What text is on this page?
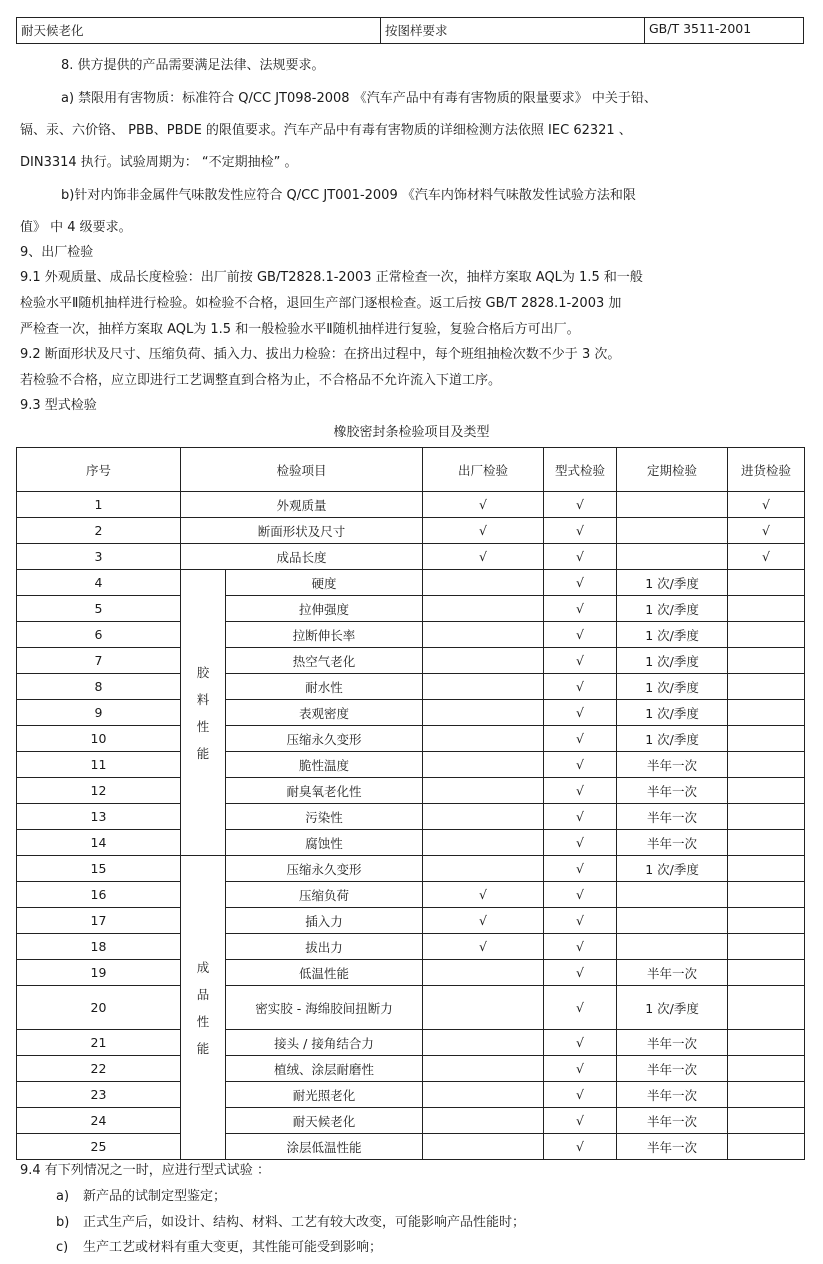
耐天候老化	按图样要求	GB/T 3511-2001
8. 供方提供的产品需要满足法律、法规要求。
a) 禁限用有害物质：标准符合 Q/CC JT098-2008 《汽车产品中有毒有害物质的限量要求》 中关于铅、
镉、汞、六价铬、 PBB、PBDE 的限值要求。汽车产品中有毒有害物质的详细检测方法依照 IEC 62321 、
DIN3314 执行。试验周期为： “不定期抽检” 。
b)针对内饰非金属件气味散发性应符合 Q/CC JT001-2009 《汽车内饰材料气味散发性试验方法和限
值》 中 4 级要求。
9、出厂检验
9.1 外观质量、成品长度检验：出厂前按 GB/T2828.1-2003 正常检查一次，抽样方案取 AQL为 1.5 和一般
检验水平Ⅱ随机抽样进行检验。如检验不合格，退回生产部门逐根检查。返工后按 GB/T 2828.1-2003 加
严检查一次，抽样方案取 AQL为 1.5 和一般检验水平Ⅱ随机抽样进行复验，复验合格后方可出厂。
9.2 断面形状及尺寸、压缩负荷、插入力、拔出力检验：在挤出过程中，每个班组抽检次数不少于 3 次。
若检验不合格，应立即进行工艺调整直到合格为止，不合格品不允许流入下道工序。
9.3 型式检验
橡胶密封条检验项目及类型
序号	检验项目		出厂检验	型式检验	定期检验	进货检验
1	外观质量		√	√		√
2	断面形状及尺寸		√	√		√
3	成品长度		√	√		√
4	胶
料
性
能	硬度		√	1 次/季度	
5		拉伸强度		√	1 次/季度	
6		拉断伸长率		√	1 次/季度	
7		热空气老化		√	1 次/季度	
8		耐水性		√	1 次/季度	
9		表观密度		√	1 次/季度	
10		压缩永久变形		√	1 次/季度	
11		脆性温度		√	半年一次	
12		耐臭氧老化性		√	半年一次	
13		污染性		√	半年一次	
14		腐蚀性		√	半年一次	
15	成
品
性
能	压缩永久变形		√	1 次/季度	
16		压缩负荷	√	√		
17		插入力	√	√		
18		拔出力	√	√		
19		低温性能		√	半年一次	
20		密实胶 - 海绵胶间扭断力		√	1 次/季度	
21		接头 / 接角结合力		√	半年一次	
22		植绒、涂层耐磨性		√	半年一次	
23		耐光照老化		√	半年一次	
24		耐天候老化		√	半年一次	
25		涂层低温性能		√	半年一次	
9.4 有下列情况之一时，应进行型式试验 ：
a) 新产品的试制定型鉴定；
b) 正式生产后，如设计、结构、材料、工艺有较大改变，可能影响产品性能时；
c) 生产工艺或材料有重大变更，其性能可能受到影响；
